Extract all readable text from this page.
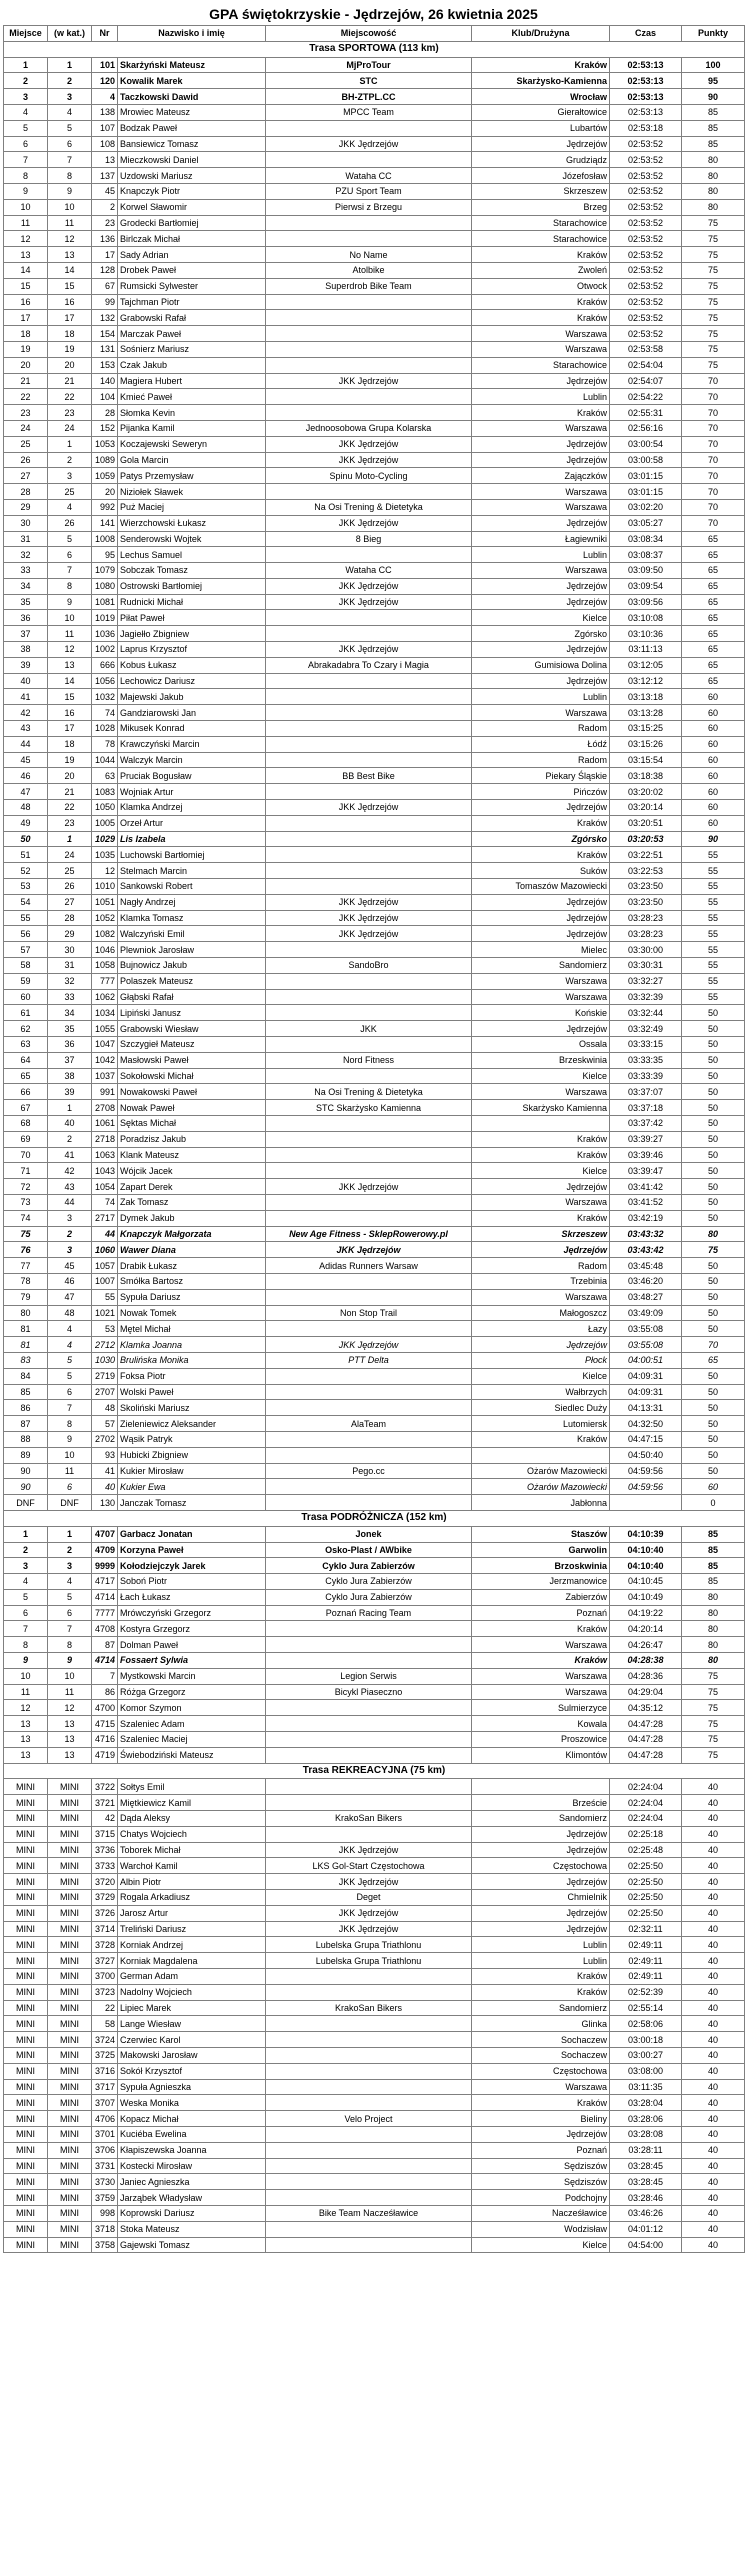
GPA świętokrzyskie - Jędrzejów, 26 kwietnia 2025
Miejsce	(w kat.)	Nr	Nazwisko i imię	Miejscowość	Klub/Drużyna	Czas	Punkty
Trasa SPORTOWA (113 km)							
1	1	101	Skarżyński Mateusz	MjProTour	Kraków	02:53:13	100
2	2	120	Kowalik Marek	STC	Skarżysko-Kamienna	02:53:13	95
3	3	4	Taczkowski Dawid	BH-ZTPL.CC	Wrocław	02:53:13	90
4	4	138	Mrowiec Mateusz	MPCC Team	Gierałtowice	02:53:13	85
5	5	107	Bodzak Paweł		Lubartów	02:53:18	85
6	6	108	Bansiewicz Tomasz	JKK Jędrzejów	Jędrzejów	02:53:52	85
7	7	13	Mieczkowski Daniel		Grudziądz	02:53:52	80
8	8	137	Uzdowski Mariusz	Wataha CC	Józefosław	02:53:52	80
9	9	45	Knapczyk Piotr	PZU Sport Team	Skrzeszew	02:53:52	80
10	10	2	Korwel Sławomir	Pierwsi z Brzegu	Brzeg	02:53:52	80
11	11	23	Grodecki Bartłomiej		Starachowice	02:53:52	75
12	12	136	Birlczak Michał		Starachowice	02:53:52	75
13	13	17	Sady Adrian	No Name	Kraków	02:53:52	75
14	14	128	Drobek Paweł	Atolbike	Zwoleń	02:53:52	75
15	15	67	Rumsicki Sylwester	Superdrob Bike Team	Otwock	02:53:52	75
16	16	99	Tajchman Piotr		Kraków	02:53:52	75
17	17	132	Grabowski Rafał		Kraków	02:53:52	75
18	18	154	Marczak Paweł		Warszawa	02:53:52	75
19	19	131	Sośnierz Mariusz		Warszawa	02:53:58	75
20	20	153	Czak Jakub		Starachowice	02:54:04	75
21	21	140	Magiera Hubert	JKK Jędrzejów	Jędrzejów	02:54:07	70
22	22	104	Kmieć Paweł		Lublin	02:54:22	70
23	23	28	Słomka Kevin		Kraków	02:55:31	70
24	24	152	Pijanka Kamil	Jednoosobowa Grupa Kolarska	Warszawa	02:56:16	70
25	1	1053	Koczajewski Seweryn	JKK Jędrzejów	Jędrzejów	03:00:54	70
26	2	1089	Gola Marcin	JKK Jędrzejów	Jędrzejów	03:00:58	70
27	3	1059	Patys Przemysław	Spinu Moto-Cycling	Zajączków	03:01:15	70
28	25	20	Niziołek Sławek		Warszawa	03:01:15	70
29	4	992	Puż Maciej	Na Osi Trening & Dietetyka	Warszawa	03:02:20	70
30	26	141	Wierzchowski Łukasz	JKK Jędrzejów	Jędrzejów	03:05:27	70
31	5	1008	Senderowski Wojtek	8 Bieg	Łagiewniki	03:08:34	65
32	6	95	Lechus Samuel		Lublin	03:08:37	65
33	7	1079	Sobczak Tomasz	Wataha CC	Warszawa	03:09:50	65
34	8	1080	Ostrowski Bartłomiej	JKK Jędrzejów	Jędrzejów	03:09:54	65
35	9	1081	Rudnicki Michał	JKK Jędrzejów	Jędrzejów	03:09:56	65
36	10	1019	Piłat Paweł		Kielce	03:10:08	65
37	11	1036	Jagiełło Zbigniew		Zgórsko	03:10:36	65
38	12	1002	Laprus Krzysztof	JKK Jędrzejów	Jędrzejów	03:11:13	65
39	13	666	Kobus Łukasz	Abrakadabra To Czary i Magia	Gumisiowa Dolina	03:12:05	65
40	14	1056	Lechowicz Dariusz		Jędrzejów	03:12:12	65
41	15	1032	Majewski Jakub		Lublin	03:13:18	60
42	16	74	Gandziarowski Jan		Warszawa	03:13:28	60
43	17	1028	Mikusek Konrad		Radom	03:15:25	60
44	18	78	Krawczyński Marcin		Łódź	03:15:26	60
45	19	1044	Walczyk Marcin		Radom	03:15:54	60
46	20	63	Pruciak Bogusław	BB Best Bike	Piekary Śląskie	03:18:38	60
47	21	1083	Wojniak Artur		Pińczów	03:20:02	60
48	22	1050	Klamka Andrzej	JKK Jędrzejów	Jędrzejów	03:20:14	60
49	23	1005	Orzeł Artur		Kraków	03:20:51	60
50	1	1029	Lis Izabela		Zgórsko	03:20:53	90
51	24	1035	Luchowski Bartłomiej		Kraków	03:22:51	55
52	25	12	Stelmach Marcin		Suków	03:22:53	55
53	26	1010	Sankowski Robert		Tomaszów Mazowiecki	03:23:50	55
54	27	1051	Nagły Andrzej	JKK Jędrzejów	Jędrzejów	03:23:50	55
55	28	1052	Klamka Tomasz	JKK Jędrzejów	Jędrzejów	03:28:23	55
56	29	1082	Walczyński Emil	JKK Jędrzejów	Jędrzejów	03:28:23	55
57	30	1046	Plewniok Jarosław		Mielec	03:30:00	55
58	31	1058	Bujnowicz Jakub	SandoBro	Sandomierz	03:30:31	55
59	32	777	Polaszek Mateusz		Warszawa	03:32:27	55
60	33	1062	Głąbski Rafał		Warszawa	03:32:39	55
61	34	1034	Lipiński Janusz		Końskie	03:32:44	50
62	35	1055	Grabowski Wiesław	JKK	Jędrzejów	03:32:49	50
63	36	1047	Szczygieł Mateusz		Ossala	03:33:15	50
64	37	1042	Masłowski Paweł	Nord Fitness	Brzeskwinia	03:33:35	50
65	38	1037	Sokołowski Michał		Kielce	03:33:39	50
66	39	991	Nowakowski Paweł	Na Osi Trening & Dietetyka	Warszawa	03:37:07	50
67	1	2708	Nowak Paweł	STC Skarżysko Kamienna	Skarżysko Kamienna	03:37:18	50
68	40	1061	Sęktas Michał			03:37:42	50
69	2	2718	Poradzisz Jakub		Kraków	03:39:27	50
70	41	1063	Klank Mateusz		Kraków	03:39:46	50
71	42	1043	Wójcik Jacek		Kielce	03:39:47	50
72	43	1054	Zapart Derek	JKK Jędrzejów	Jędrzejów	03:41:42	50
73	44	74	Zak Tomasz		Warszawa	03:41:52	50
74	3	2717	Dymek Jakub		Kraków	03:42:19	50
75	2	44	Knapczyk Małgorzata	New Age Fitness - SklepRowerowy.pl	Skrzeszew	03:43:32	80
76	3	1060	Wawer Diana	JKK Jędrzejów	Jędrzejów	03:43:42	75
77	45	1057	Drabik Łukasz	Adidas Runners Warsaw	Radom	03:45:48	50
78	46	1007	Smółka Bartosz		Trzebinia	03:46:20	50
79	47	55	Sypuła Dariusz		Warszawa	03:48:27	50
80	48	1021	Nowak Tomek	Non Stop Trail	Małogoszcz	03:49:09	50
81	4	53	Mętel Michał		Łazy	03:55:08	50
81	4	2712	Klamka Joanna	JKK Jędrzejów	Jędrzejów	03:55:08	70
83	5	1030	Brulińska Monika	PTT Delta	Płock	04:00:51	65
84	5	2719	Foksa Piotr		Kielce	04:09:31	50
85	6	2707	Wolski Paweł		Wałbrzych	04:09:31	50
86	7	48	Skoliński Mariusz		Siedlec Duży	04:13:31	50
87	8	57	Zieleniewicz Aleksander	AlaTeam	Lutomiersk	04:32:50	50
88	9	2702	Wąsik Patryk		Kraków	04:47:15	50
89	10	93	Hubicki Zbigniew			04:50:40	50
90	11	41	Kukier Mirosław	Pego.cc	Ożarów Mazowiecki	04:59:56	50
90	6	40	Kukier Ewa		Ożarów Mazowiecki	04:59:56	60
DNF	DNF	130	Janczak Tomasz		Jabłonna		0
Trasa PODRÓŻNICZA (152 km)							
1	1	4707	Garbacz Jonatan	Jonek	Staszów	04:10:39	85
2	2	4709	Korzyna Paweł	Osko-Plast / AWbike	Garwolin	04:10:40	85
3	3	9999	Kołodziejczyk Jarek	Cyklo Jura Zabierzów	Brzoskwinia	04:10:40	85
4	4	4717	Soboń Piotr	Cyklo Jura Zabierzów	Jerzmanowice	04:10:45	85
5	5	4714	Łach Łukasz	Cyklo Jura Zabierzów	Zabierzów	04:10:49	80
6	6	7777	Mrówczyński Grzegorz	Poznań Racing Team	Poznań	04:19:22	80
7	7	4708	Kostyra Grzegorz		Kraków	04:20:14	80
8	8	87	Dolman Paweł		Warszawa	04:26:47	80
9	9	4714	Fossaert Sylwia		Kraków	04:28:38	80
10	10	7	Mystkowski Marcin	Legion Serwis	Warszawa	04:28:36	75
11	11	86	Różga Grzegorz	Bicykl Piaseczno	Warszawa	04:29:04	75
12	12	4700	Komor Szymon		Sulmierzyce	04:35:12	75
13	13	4715	Szaleniec Adam		Kowala	04:47:28	75
13	13	4716	Szaleniec Maciej		Proszowice	04:47:28	75
13	13	4719	Świebodziński Mateusz		Klimontów	04:47:28	75
Trasa REKREACYJNA (75 km)							
MINI	MINI	3722	Sołtys Emil			02:24:04	40
MINI	MINI	3721	Miętkiewicz Kamil		Brzeście	02:24:04	40
MINI	MINI	42	Dąda Aleksy	KrakoSan Bikers	Sandomierz	02:24:04	40
MINI	MINI	3715	Chatys Wojciech		Jędrzejów	02:25:18	40
MINI	MINI	3736	Toborek Michał	JKK Jędrzejów	Jędrzejów	02:25:48	40
MINI	MINI	3733	Warchoł Kamil	LKS Gol-Start Częstochowa	Częstochowa	02:25:50	40
MINI	MINI	3720	Albin Piotr	JKK Jędrzejów	Jędrzejów	02:25:50	40
MINI	MINI	3729	Rogala Arkadiusz	Deget	Chmielnik	02:25:50	40
MINI	MINI	3726	Jarosz Artur	JKK Jędrzejów	Jędrzejów	02:25:50	40
MINI	MINI	3714	Treliński Dariusz	JKK Jędrzejów	Jędrzejów	02:32:11	40
MINI	MINI	3728	Korniak Andrzej	Lubelska Grupa Triathlonu	Lublin	02:49:11	40
MINI	MINI	3727	Korniak Magdalena	Lubelska Grupa Triathlonu	Lublin	02:49:11	40
MINI	MINI	3700	German Adam		Kraków	02:49:11	40
MINI	MINI	3723	Nadolny Wojciech		Kraków	02:52:39	40
MINI	MINI	22	Lipiec Marek	KrakoSan Bikers	Sandomierz	02:55:14	40
MINI	MINI	58	Lange Wiesław		Glinka	02:58:06	40
MINI	MINI	3724	Czerwiec Karol		Sochaczew	03:00:18	40
MINI	MINI	3725	Makowski Jarosław		Sochaczew	03:00:27	40
MINI	MINI	3716	Sokół Krzysztof		Częstochowa	03:08:00	40
MINI	MINI	3717	Sypuła Agnieszka		Warszawa	03:11:35	40
MINI	MINI	3707	Weska Monika		Kraków	03:28:04	40
MINI	MINI	4706	Kopacz Michał	Velo Project	Bieliny	03:28:06	40
MINI	MINI	3701	Kuciéba Ewelina		Jędrzejów	03:28:08	40
MINI	MINI	3706	Kłapiszewska Joanna		Poznań	03:28:11	40
MINI	MINI	3731	Kostecki Mirosław		Sędziszów	03:28:45	40
MINI	MINI	3730	Janiec Agnieszka		Sędziszów	03:28:45	40
MINI	MINI	3759	Jarząbek Władysław		Podchojny	03:28:46	40
MINI	MINI	998	Koprowski Dariusz	Bike Team Nacześławice	Nacześławice	03:46:26	40
MINI	MINI	3718	Stoka Mateusz		Wodzisław	04:01:12	40
MINI	MINI	3758	Gajewski Tomasz		Kielce	04:54:00	40
